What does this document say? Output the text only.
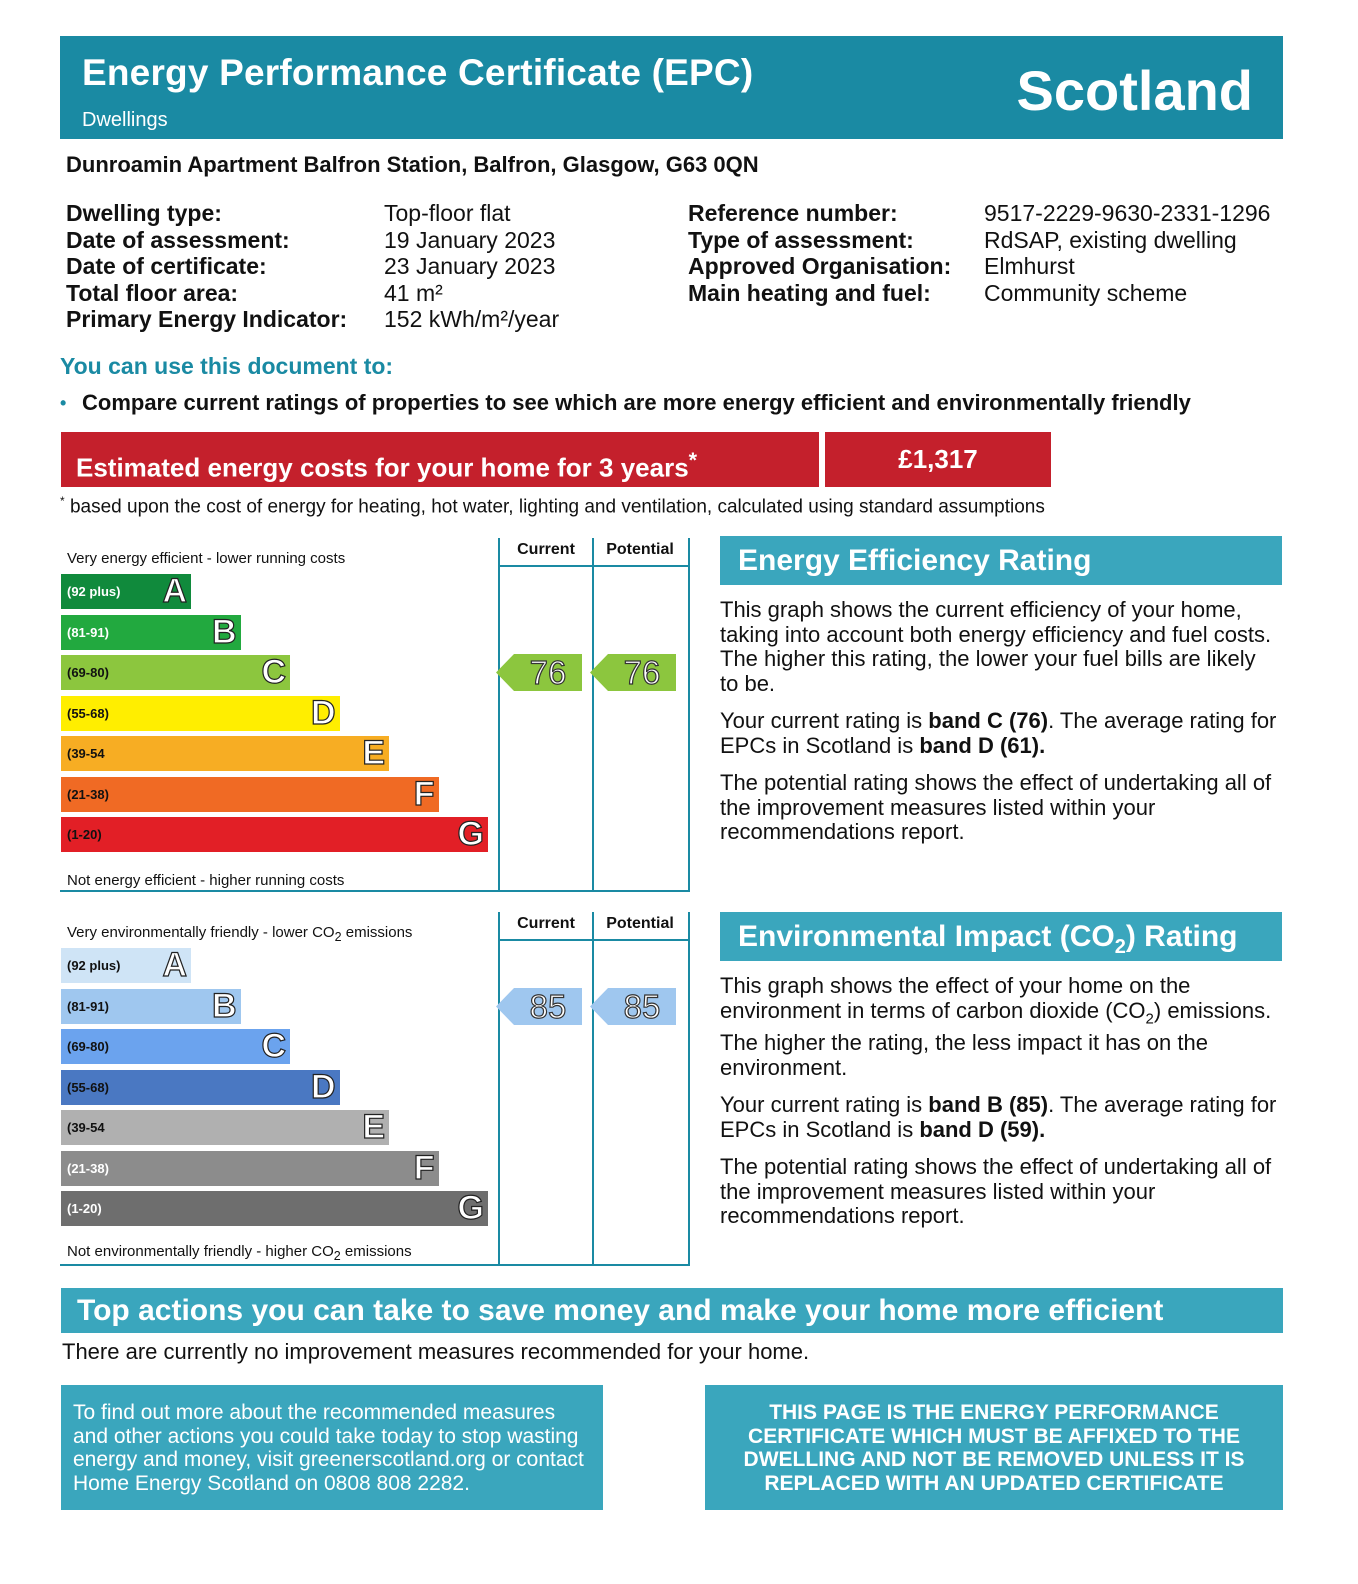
Energy Performance Certificate (EPC)
Dwellings	Scotland
Dunroamin Apartment Balfron Station, Balfron, Glasgow, G63 0QN
Dwelling type:	Top-floor flat
Date of assessment:	19 January 2023
Date of certificate:	23 January 2023
Total floor area:	41 m²
Primary Energy Indicator:	152 kWh/m²/year
Reference number:	9517-2229-9630-2331-1296
Type of assessment:	RdSAP, existing dwelling
Approved Organisation:	Elmhurst
Main heating and fuel:	Community scheme
You can use this document to:
• Compare current ratings of properties to see which are more energy efficient and environmentally friendly
Estimated energy costs for your home for 3 years*	£1,317
* based upon the cost of energy for heating, hot water, lighting and ventilation, calculated using standard assumptions
Current	Potential
Very energy efficient - lower running costs
Not energy efficient - higher running costs
(92 plus)	A
(81-91)	B
(69-80)	C
(55-68)	D
(39-54	E
(21-38)	F
(1-20)	G
76	76
Energy Efficiency Rating

This graph shows the current efficiency of your home, taking into account both energy efficiency and fuel costs. The higher this rating, the lower your fuel bills are likely to be.

Your current rating is band C (76). The average rating for EPCs in Scotland is band D (61).

The potential rating shows the effect of undertaking all of the improvement measures listed within your recommendations report.

Current	Potential
Very environmentally friendly - lower $CO_2$ emissions
Not environmentally friendly - higher $CO_2$ emissions
(92 plus)	A
(81-91)	B
(69-80)	C
(55-68)	D
(39-54	E
(21-38)	F
(1-20)	G
85	85
Environmental Impact $(CO_2)$ Rating

This graph shows the effect of your home on the environment in terms of carbon dioxide $(CO_2)$ emissions. The higher the rating, the less impact it has on the environment.

Your current rating is band B (85). The average rating for EPCs in Scotland is band D (59).

The potential rating shows the effect of undertaking all of the improvement measures listed within your recommendations report.

Top actions you can take to save money and make your home more efficient
There are currently no improvement measures recommended for your home.
To find out more about the recommended measures and other actions you could take today to stop wasting energy and money, visit greenerscotland.org or contact Home Energy Scotland on 0808 808 2282.
THIS PAGE IS THE ENERGY PERFORMANCE CERTIFICATE WHICH MUST BE AFFIXED TO THE DWELLING AND NOT BE REMOVED UNLESS IT IS REPLACED WITH AN UPDATED CERTIFICATE
